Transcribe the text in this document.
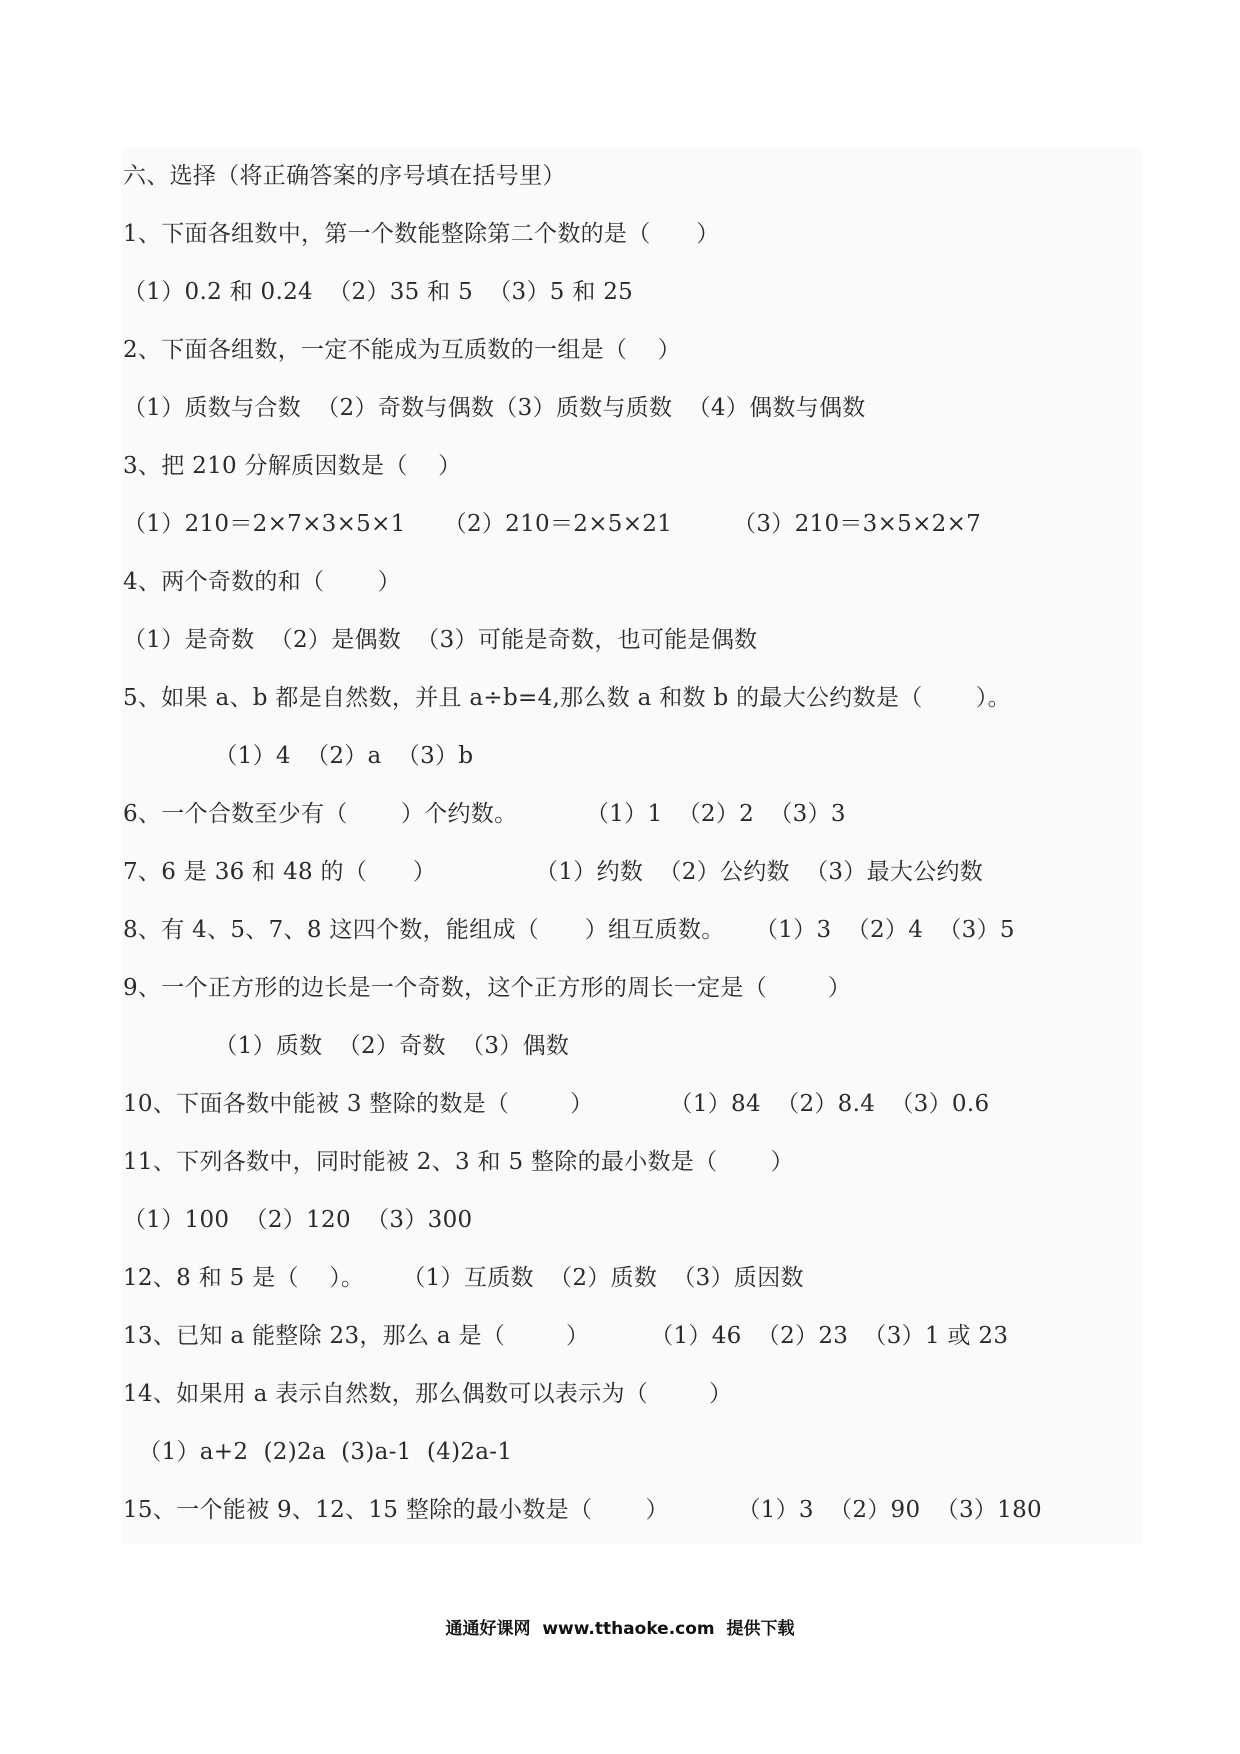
六、选择（将正确答案的序号填在括号里）
1、下面各组数中，第一个数能整除第二个数的是（      ）
（1）0.2 和 0.24  （2）35 和 5  （3）5 和 25
2、下面各组数，一定不能成为互质数的一组是（    ）
（1）质数与合数  （2）奇数与偶数（3）质数与质数  （4）偶数与偶数
3、把 210 分解质因数是（    ）
（1）210＝2×7×3×5×1     （2）210＝2×5×21        （3）210＝3×5×2×7
4、两个奇数的和（       ）
（1）是奇数  （2）是偶数  （3）可能是奇数，也可能是偶数
5、如果 a、b 都是自然数，并且 a÷b=4,那么数 a 和数 b 的最大公约数是（       ）。
（1）4  （2）a  （3）b
6、一个合数至少有（       ）个约数。         （1）1  （2）2  （3）3
7、6 是 36 和 48 的（      ）             （1）约数  （2）公约数  （3）最大公约数
8、有 4、5、7、8 这四个数，能组成（      ）组互质数。    （1）3  （2）4  （3）5
9、一个正方形的边长是一个奇数，这个正方形的周长一定是（        ）
（1）质数  （2）奇数  （3）偶数
10、下面各数中能被 3 整除的数是（        ）          （1）84  （2）8.4  （3）0.6
11、下列各数中，同时能被 2、3 和 5 整除的最小数是（       ）
（1）100  （2）120  （3）300
12、8 和 5 是（    ）。     （1）互质数  （2）质数  （3）质因数
13、已知 a 能整除 23，那么 a 是（        ）        （1）46  （2）23  （3）1 或 23
14、如果用 a 表示自然数，那么偶数可以表示为（        ）
（1）a+2  (2)2a  (3)a-1  (4)2a-1
15、一个能被 9、12、15 整除的最小数是（       ）         （1）3  （2）90  （3）180
通通好课网  www.tthaoke.com  提供下载
